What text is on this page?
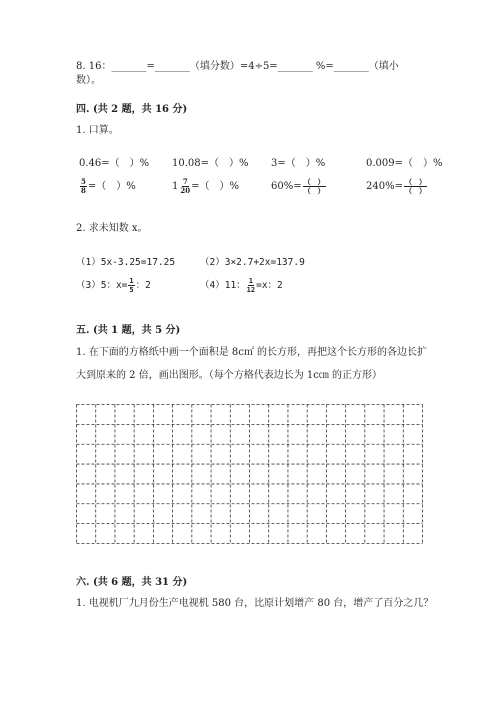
8. 16：_______=_______（填分数）=4÷5=_______ %=_______（填小
数）。
四. (共 2 题，共 16 分)
1. 口算。
0.46=（　）% 10.08=（　）% 3=（　）%	0.009=（　）%
$\frac{5}{8}$ =（　）%	$1 \frac{7}{20}$ =（　）%	$60\%= \frac{( )}{( )}$	$240\%= \frac{( )}{( )}$
2. 求未知数 x。
（1）5x-3.25=17.25	（2）3×2.7+2x=137.9
（3）5：$x= \frac{1}{5}$ ：2	（4）11： $\frac{1}{12} =x$：2
五. (共 1 题，共 5 分)
1. 在下面的方格纸中画一个面积是 8c㎡ 的长方形，再把这个长方形的各边长扩
大到原来的 2 倍，画出图形。（每个方格代表边长为 1c㎝ 的正方形）
六. (共 6 题，共 31 分)
1. 电视机厂九月份生产电视机 580 台，比原计划增产 80 台，增产了百分之几？
